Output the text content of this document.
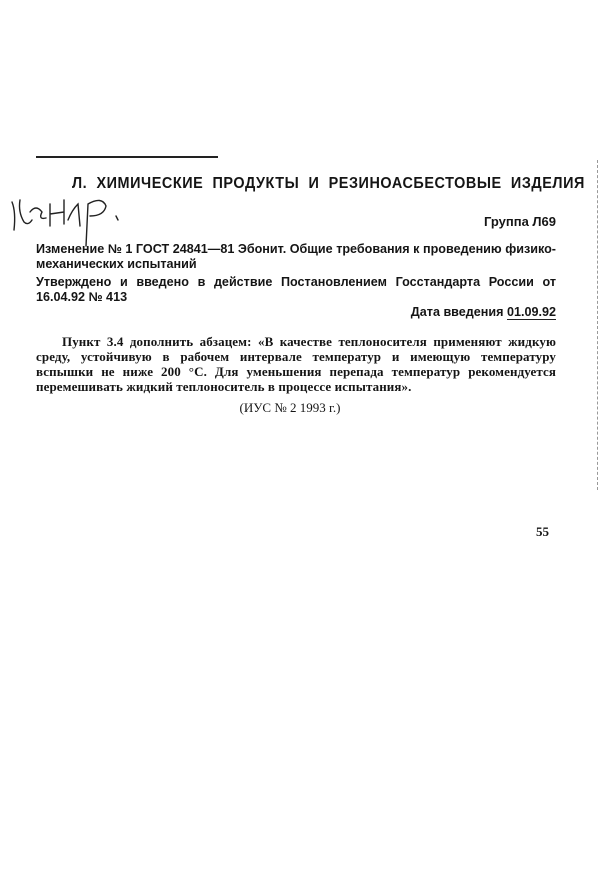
Л. ХИМИЧЕСКИЕ ПРОДУКТЫ И РЕЗИНОАСБЕСТОВЫЕ ИЗДЕЛИЯ
Группа Л69
Изменение № 1 ГОСТ 24841—81 Эбонит. Общие требования к проведению физико-механических испытаний
Утверждено и введено в действие Постановлением Госстандарта России от 16.04.92 № 413
Дата введения 01.09.92
Пункт 3.4 дополнить абзацем: «В качестве теплоносителя применяют жидкую среду, устойчивую в рабочем интервале температур и имеющую температуру вспышки не ниже 200 °С. Для уменьшения перепада температур рекомендуется перемешивать жидкий теплоноситель в процессе испытания».
(ИУС № 2 1993 г.)
55
